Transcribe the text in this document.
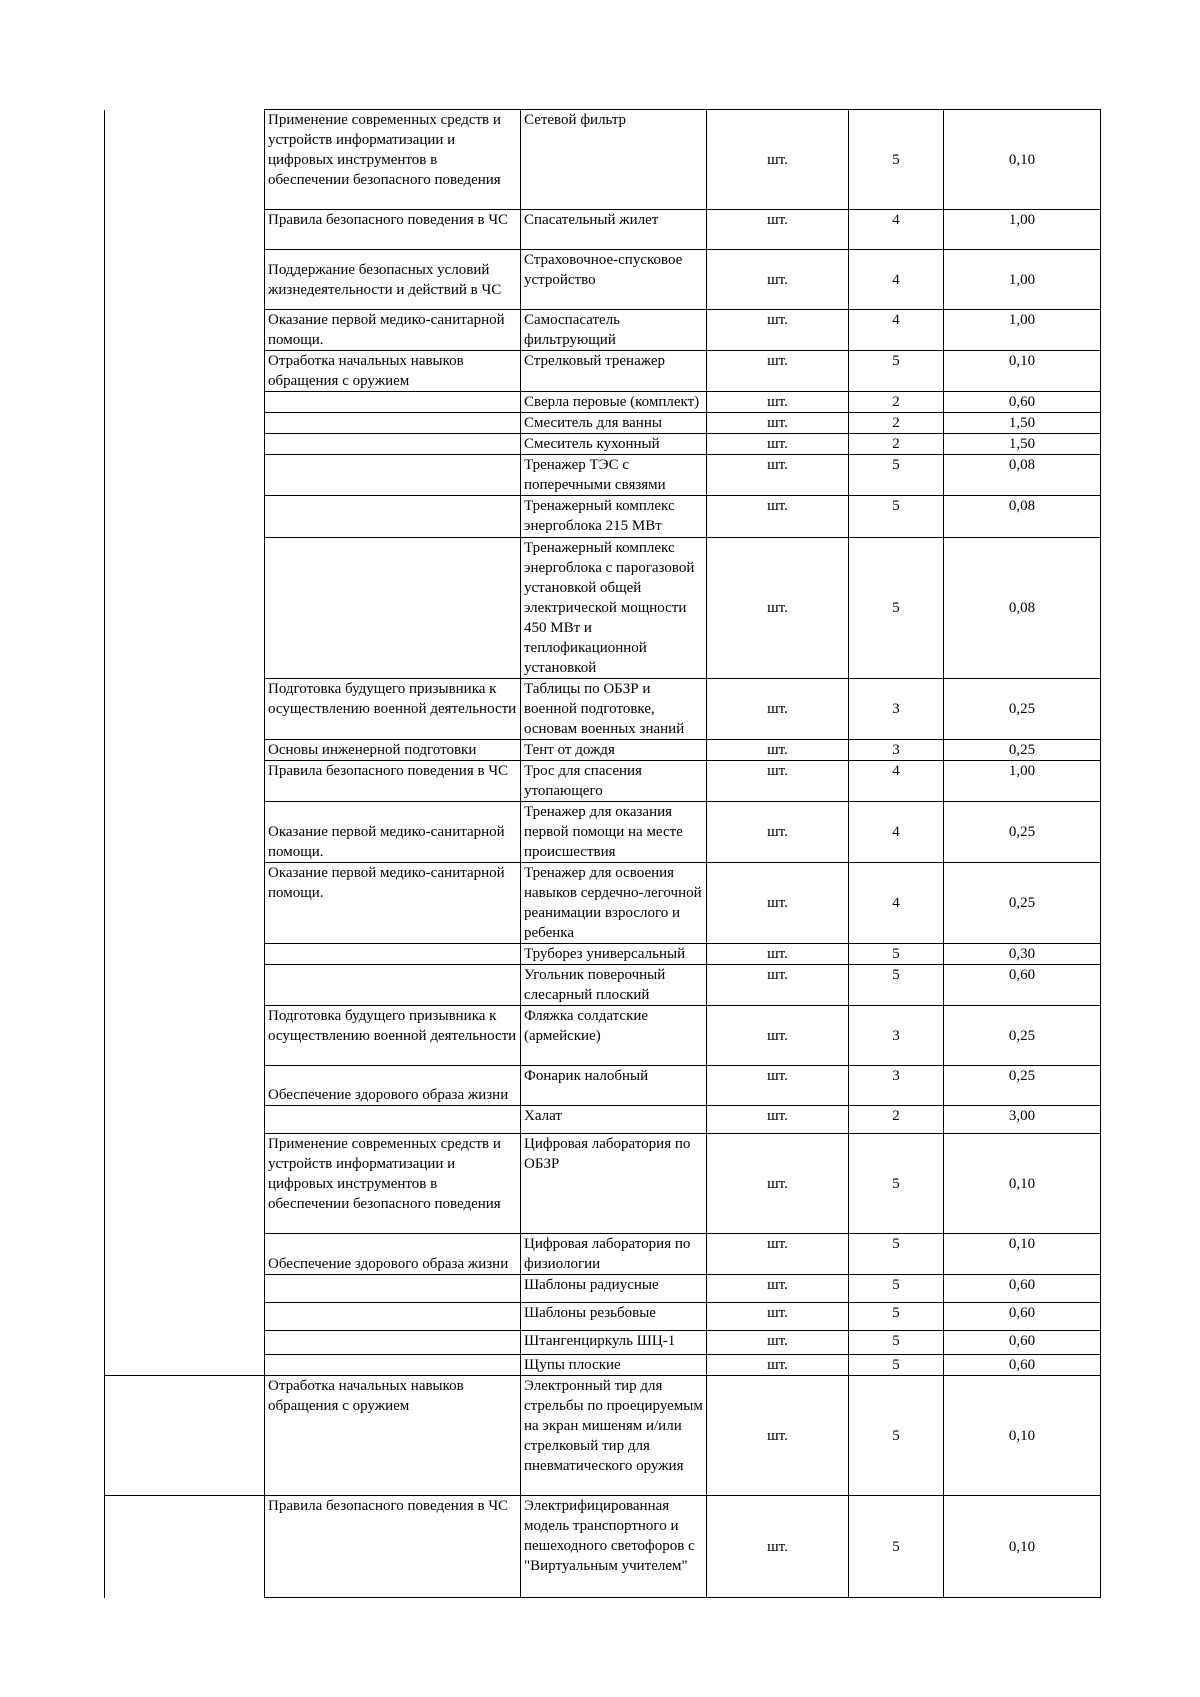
	Применение современных средств и устройств информатизации и цифровых инструментов в обеспечении безопасного поведения	Сетевой фильтр	шт.	5	0,10

	Правила безопасного поведения в ЧС	Спасательный жилет	шт.	4	1,00

	Поддержание безопасных условий жизнедеятельности и действий в ЧС	Страховочное-спусковое устройство	шт.	4	1,00

	Оказание первой медико-санитарной помощи.	Самоспасатель фильтрующий	шт.	4	1,00

	Отработка начальных навыков обращения с оружием	Стрелковый тренажер	шт.	5	0,10

		Сверла перовые (комплект)	шт.	2	0,60

		Смеситель для ванны	шт.	2	1,50

		Смеситель кухонный	шт.	2	1,50

		Тренажер ТЭС с поперечными связями	шт.	5	0,08

		Тренажерный комплекс энергоблока 215 МВт	шт.	5	0,08

		Тренажерный комплекс энергоблока с парогазовой установкой общей электрической мощности 450 МВт и теплофикационной установкой	шт.	5	0,08

	Подготовка будущего призывника к осуществлению военной деятельности	Таблицы по ОБЗР и военной подготовке, основам военных знаний	шт.	3	0,25

	Основы инженерной подготовки	Тент от дождя	шт.	3	0,25

	Правила безопасного поведения в ЧС	Трос для спасения утопающего	шт.	4	1,00

	Оказание первой медико-санитарной помощи.	Тренажер для оказания первой помощи на месте происшествия	шт.	4	0,25

	Оказание первой медико-санитарной помощи.	Тренажер для освоения навыков сердечно-легочной реанимации взрослого и ребенка	шт.	4	0,25

		Труборез универсальный	шт.	5	0,30

		Угольник поверочный слесарный плоский	шт.	5	0,60

	Подготовка будущего призывника к осуществлению военной деятельности	Фляжка солдатские (армейские)	шт.	3	0,25

	Обеспечение здорового образа жизни	Фонарик налобный	шт.	3	0,25

		Халат	шт.	2	3,00

	Применение современных средств и устройств информатизации и цифровых инструментов в обеспечении безопасного поведения	Цифровая лаборатория по ОБЗР	шт.	5	0,10

	Обеспечение здорового образа жизни	Цифровая лаборатория по физиологии	шт.	5	0,10

		Шаблоны радиусные	шт.	5	0,60

		Шаблоны резьбовые	шт.	5	0,60

		Штангенциркуль ШЦ-1	шт.	5	0,60

		Щупы плоские	шт.	5	0,60

	Отработка начальных навыков обращения с оружием	Электронный тир для стрельбы по проецируемым на экран мишеням и/или стрелковый тир для пневматического оружия	шт.	5	0,10

	Правила безопасного поведения в ЧС	Электрифицированная модель транспортного и пешеходного светофоров с "Виртуальным учителем"	шт.	5	0,10
